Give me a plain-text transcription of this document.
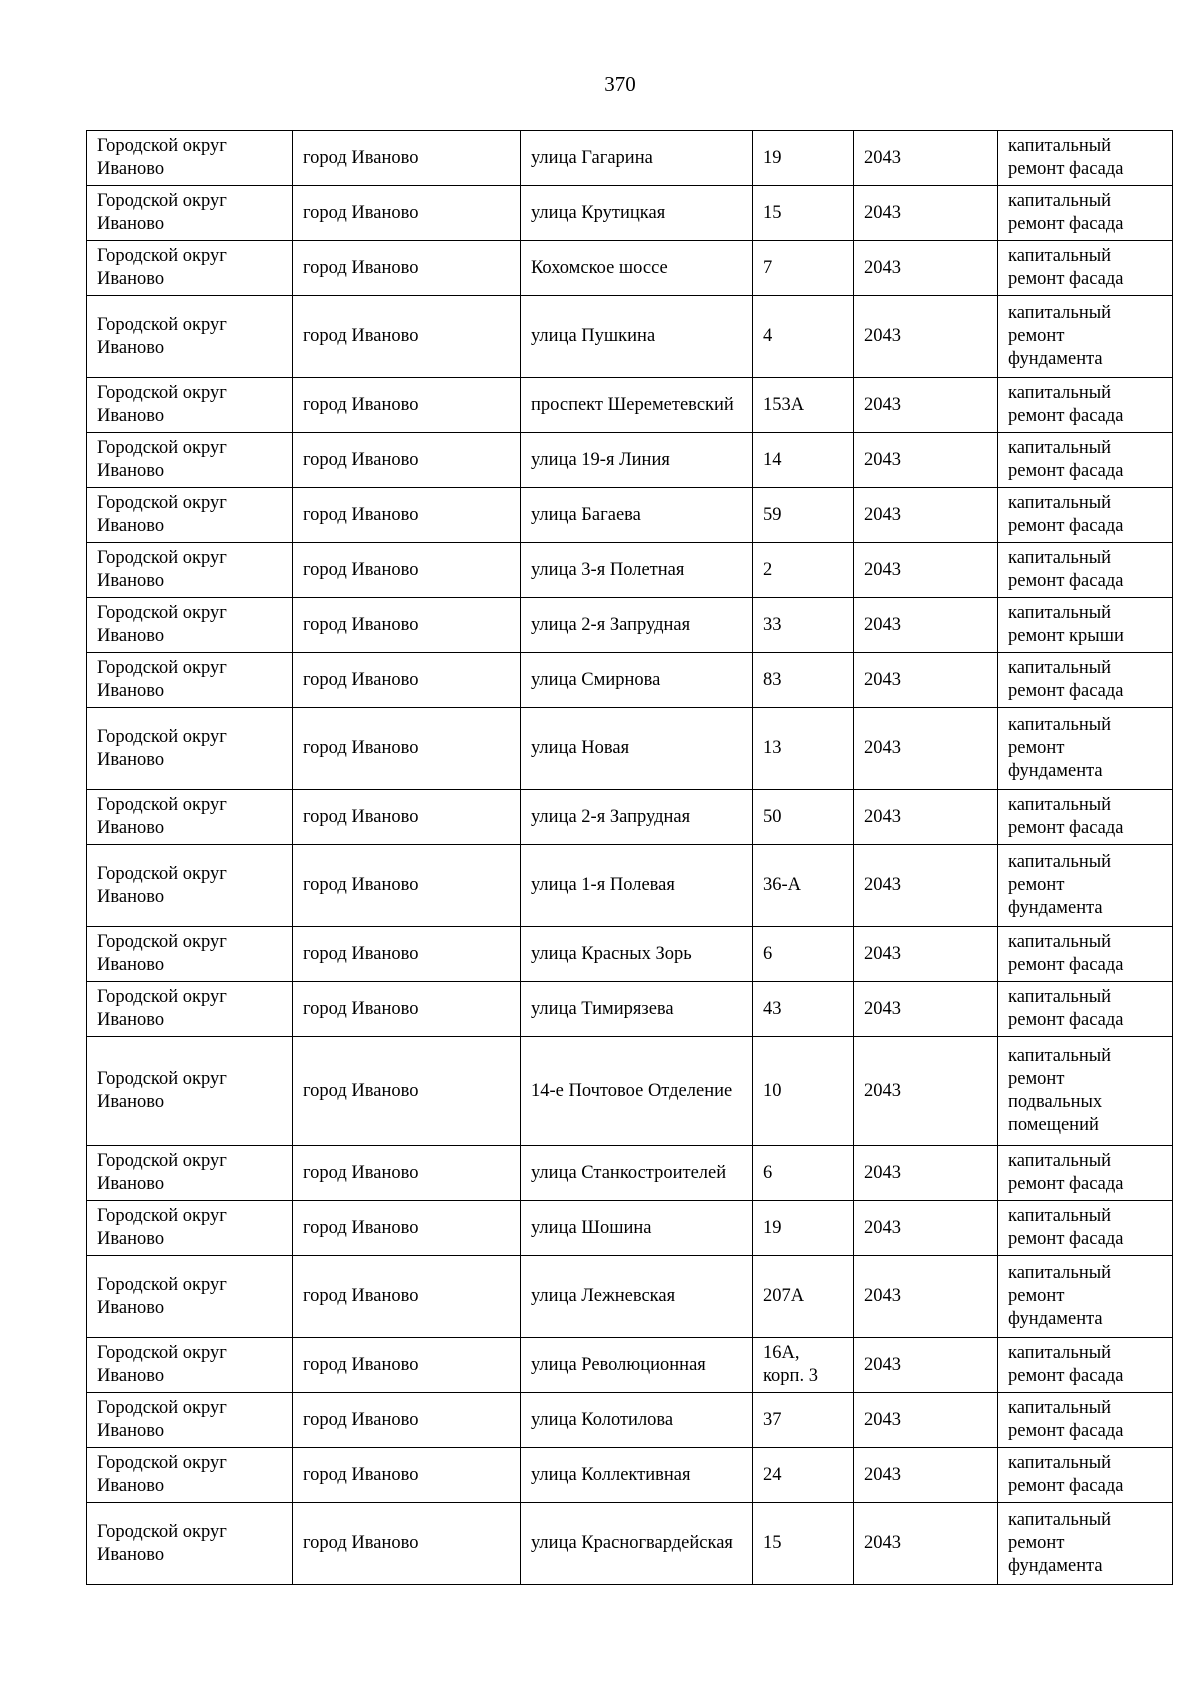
370
Городской округ Иваново	город Иваново	улица Гагарина	19	2043	капитальный ремонт фасада
Городской округ Иваново	город Иваново	улица Крутицкая	15	2043	капитальный ремонт фасада
Городской округ Иваново	город Иваново	Кохомское шоссе	7	2043	капитальный ремонт фасада
Городской округ Иваново	город Иваново	улица Пушкина	4	2043	капитальный ремонт фундамента
Городской округ Иваново	город Иваново	проспект Шереметевский	153А	2043	капитальный ремонт фасада
Городской округ Иваново	город Иваново	улица 19-я Линия	14	2043	капитальный ремонт фасада
Городской округ Иваново	город Иваново	улица Багаева	59	2043	капитальный ремонт фасада
Городской округ Иваново	город Иваново	улица 3-я Полетная	2	2043	капитальный ремонт фасада
Городской округ Иваново	город Иваново	улица 2-я Запрудная	33	2043	капитальный ремонт крыши
Городской округ Иваново	город Иваново	улица Смирнова	83	2043	капитальный ремонт фасада
Городской округ Иваново	город Иваново	улица Новая	13	2043	капитальный ремонт фундамента
Городской округ Иваново	город Иваново	улица 2-я Запрудная	50	2043	капитальный ремонт фасада
Городской округ Иваново	город Иваново	улица 1-я Полевая	36-А	2043	капитальный ремонт фундамента
Городской округ Иваново	город Иваново	улица Красных Зорь	6	2043	капитальный ремонт фасада
Городской округ Иваново	город Иваново	улица Тимирязева	43	2043	капитальный ремонт фасада
Городской округ Иваново	город Иваново	14-е Почтовое Отделение	10	2043	капитальный ремонт подвальных помещений
Городской округ Иваново	город Иваново	улица Станкостроителей	6	2043	капитальный ремонт фасада
Городской округ Иваново	город Иваново	улица Шошина	19	2043	капитальный ремонт фасада
Городской округ Иваново	город Иваново	улица Лежневская	207А	2043	капитальный ремонт фундамента
Городской округ Иваново	город Иваново	улица Революционная	16А, корп. 3	2043	капитальный ремонт фасада
Городской округ Иваново	город Иваново	улица Колотилова	37	2043	капитальный ремонт фасада
Городской округ Иваново	город Иваново	улица Коллективная	24	2043	капитальный ремонт фасада
Городской округ Иваново	город Иваново	улица Красногвардейская	15	2043	капитальный ремонт фундамента
